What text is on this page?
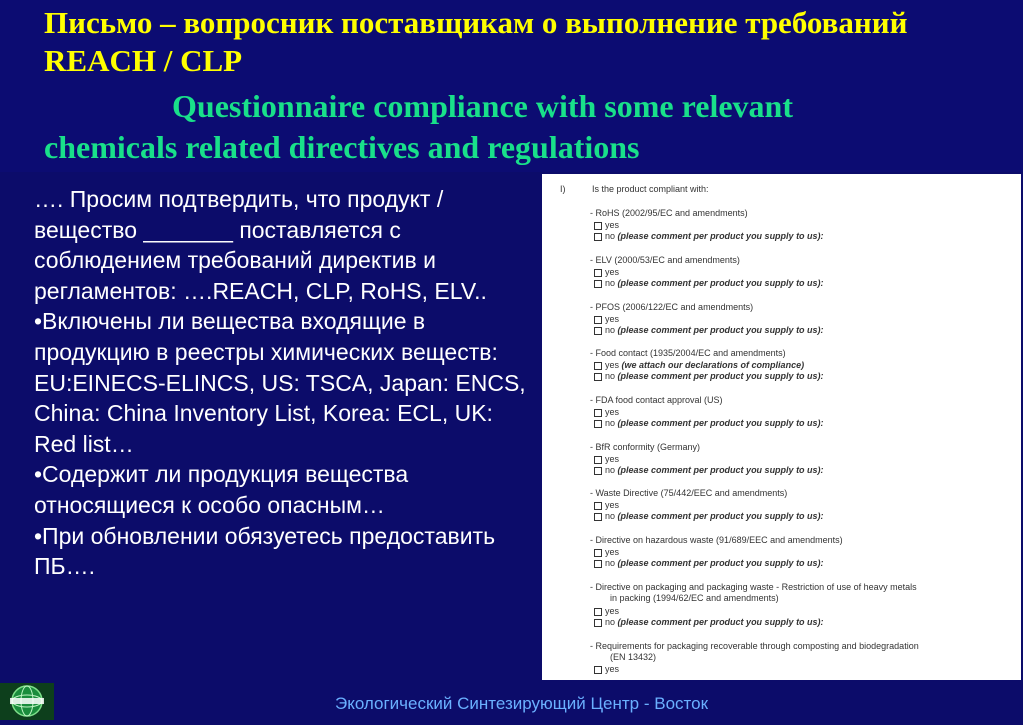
Письмо – вопросник поставщикам о выполнение требований REACH / CLP
Questionnaire compliance with some relevant
chemicals related directives and regulations

…. Просим подтвердить, что продукт / вещество _______ поставляется с соблюдением требований директив и регламентов: ….REACH, CLP, RoHS, ELV..

•Включены ли вещества входящие в продукцию в реестры химических веществ: EU:EINECS-ELINCS, US: TSCA, Japan: ENCS, China: China Inventory List, Korea: ECL, UK: Red list…

•Содержит ли продукция вещества относящиеся к особо опасным…

•При обновлении обязуетесь предоставить ПБ….

I)	Is the product compliant with:
- RoHS (2002/95/EC and amendments)
yes
no (please comment per product you supply to us):
- ELV (2000/53/EC and amendments)
yes
no (please comment per product you supply to us):
- PFOS (2006/122/EC and amendments)
yes
no (please comment per product you supply to us):
- Food contact (1935/2004/EC and amendments)
yes (we attach our declarations of compliance)
no (please comment per product you supply to us):
- FDA food contact approval (US)
yes
no (please comment per product you supply to us):
- BfR conformity (Germany)
yes
no (please comment per product you supply to us):
- Waste Directive (75/442/EEC and amendments)
yes
no (please comment per product you supply to us):
- Directive on hazardous waste (91/689/EEC and amendments)
yes
no (please comment per product you supply to us):
- Directive on packaging and packaging waste - Restriction of use of heavy metals
in packing (1994/62/EC and amendments)
yes
no (please comment per product you supply to us):
- Requirements for packaging recoverable through composting and biodegradation
(EN 13432)
yes
Экологический Синтезирующий Центр - Восток
